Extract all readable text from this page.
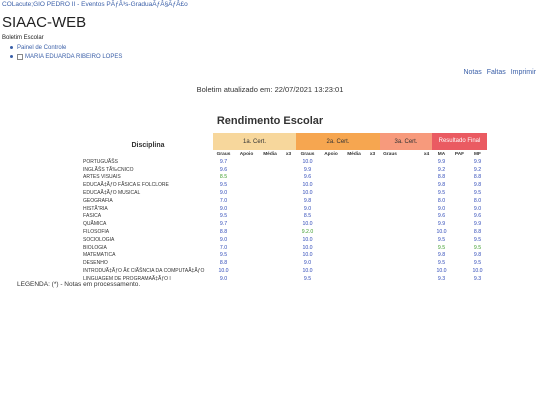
COLacute;GIO PEDRO II - Eventos PÃƒÂ³s-GraduaÃƒÂ§ÃƒÂ£o
SIAAC-WEB
Boletim Escolar
Painel de Controle
MARIA EDUARDA RIBEIRO LOPES
Notas Faltas Imprimir
Boletim atualizado em: 22/07/2021 13:23:01
Rendimento Escolar
Disciplina	1a. Cert.				2a. Cert.				3a. Cert.			Resultado Final		
	Graus	Apoio	Média	x3	Graus	Apoio	Média	x3	Graus		x4	MA	PAF	MF
PORTUGUÃŠS	9.7				10.0							9.9		9.9
INGLÃŠS TÃ‰CNICO	9.6				9.9							9.2		9.2
ARTES VISUAIS	8.5				9.6							8.8		8.8
EDUCAÃ‡ÃƒO FÃSICA E FOLCLORE	9.5				10.0							9.8		9.8
EDUCAÃ‡ÃƒO MUSICAL	9.0				10.0							9.5		9.5
GEOGRAFIA	7.0				9.8							8.0		8.0
HISTÃ“RIA	9.0				9.0							9.0		9.0
FÃSICA	9.5				8.5							9.6		9.6
QUÃMICA	9.7				10.0							9.9		9.9
FILOSOFIA	8.8				9.2.0							10.0		8.8
SOCIOLOGIA	9.0				10.0							9.5		9.5
BIOLOGIA	7.0				10.0							9.5		9.5
MATEMÃTICA	9.5				10.0							9.8		9.8
DESENHO	8.8				9.0							9.5		9.5
INTRODUÃ‡ÃƒO Ã€ CIÃŠNCIA DA COMPUTAÃ‡ÃƒO	10.0				10.0							10.0		10.0
LINGUAGEM DE PROGRAMAÃ‡ÃƒO I	9.0				9.5							9.3		9.3
LEGENDA: (*) - Notas em processamento.
